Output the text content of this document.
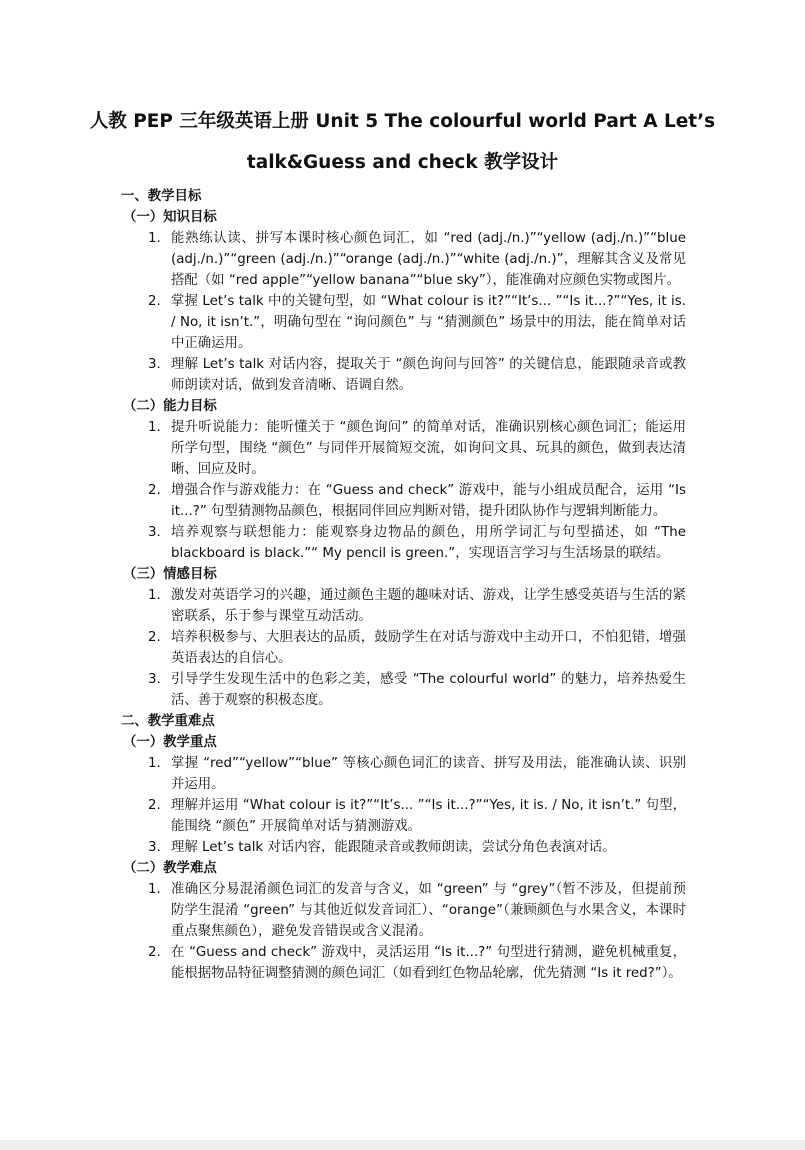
人教 PEP 三年级英语上册 Unit 5 The colourful world Part A Let’s
talk&Guess and check 教学设计
一、教学目标
（一）知识目标
1. 能熟练认读、拼写本课时核心颜色词汇，如 “red (adj./n.)”“yellow (adj./n.)”“blue (adj./n.)”“green (adj./n.)”“orange (adj./n.)”“white (adj./n.)”，理解其含义及常见搭配（如 “red apple”“yellow banana”“blue sky”），能准确对应颜色实物或图片。
2. 掌握 Let’s talk 中的关键句型，如 “What colour is it?”“It’s... ”“Is it...?”“Yes, it is. / No, it isn’t.”，明确句型在 “询问颜色” 与 “猜测颜色” 场景中的用法，能在简单对话中正确运用。
3. 理解 Let’s talk 对话内容，提取关于 “颜色询问与回答” 的关键信息，能跟随录音或教师朗读对话，做到发音清晰、语调自然。
（二）能力目标
1. 提升听说能力：能听懂关于 “颜色询问” 的简单对话，准确识别核心颜色词汇；能运用所学句型，围绕 “颜色” 与同伴开展简短交流，如询问文具、玩具的颜色，做到表达清晰、回应及时。
2. 增强合作与游戏能力：在 “Guess and check” 游戏中，能与小组成员配合，运用 “Is it...?” 句型猜测物品颜色，根据同伴回应判断对错，提升团队协作与逻辑判断能力。
3. 培养观察与联想能力：能观察身边物品的颜色，用所学词汇与句型描述，如 “The blackboard is black.”“ My pencil is green.”，实现语言学习与生活场景的联结。
（三）情感目标
1. 激发对英语学习的兴趣，通过颜色主题的趣味对话、游戏，让学生感受英语与生活的紧密联系，乐于参与课堂互动活动。
2. 培养积极参与、大胆表达的品质，鼓励学生在对话与游戏中主动开口，不怕犯错，增强英语表达的自信心。
3. 引导学生发现生活中的色彩之美，感受 “The colourful world” 的魅力，培养热爱生活、善于观察的积极态度。
二、教学重难点
（一）教学重点
1. 掌握 “red”“yellow”“blue” 等核心颜色词汇的读音、拼写及用法，能准确认读、识别并运用。
2. 理解并运用 “What colour is it?”“It’s... ”“Is it...?”“Yes, it is. / No, it isn’t.” 句型，能围绕 “颜色” 开展简单对话与猜测游戏。
3. 理解 Let’s talk 对话内容，能跟随录音或教师朗读，尝试分角色表演对话。
（二）教学难点
1. 准确区分易混淆颜色词汇的发音与含义，如 “green” 与 “grey”（暂不涉及，但提前预防学生混淆 “green” 与其他近似发音词汇）、“orange”（兼顾颜色与水果含义，本课时重点聚焦颜色），避免发音错误或含义混淆。
2. 在 “Guess and check” 游戏中，灵活运用 “Is it...?” 句型进行猜测，避免机械重复，能根据物品特征调整猜测的颜色词汇（如看到红色物品轮廓，优先猜测 “Is it red?”）。
